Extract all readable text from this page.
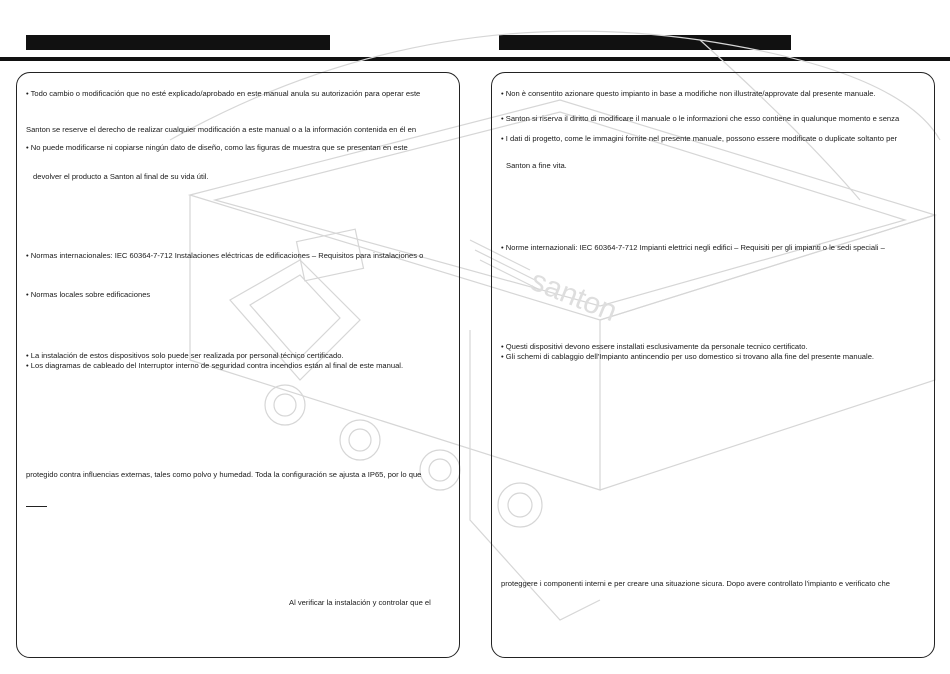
santon
• Todo cambio o modificación que no esté explicado/aprobado en este manual anula su autorización para operar este
Santon se reserve el derecho de realizar cualquier modificación a este manual o a la información contenida en él en
• No puede modificarse ni copiarse ningún dato de diseño, como las figuras de muestra que se presentan en este
devolver el producto a Santon al final de su vida útil.
• Normas internacionales: IEC 60364-7-712 Instalaciones eléctricas de edificaciones – Requisitos para instalaciones o
• Normas locales sobre edificaciones
• La instalación de estos dispositivos solo puede ser realizada por personal técnico certificado.
• Los diagramas de cableado del Interruptor interno de seguridad contra incendios están al final de este manual.
protegido contra influencias externas, tales como polvo y humedad. Toda la configuración se ajusta a IP65, por lo que
Al verificar la instalación y controlar que el
• Non è consentito azionare questo impianto in base a modifiche non illustrate/approvate dal presente manuale.
• Santon si riserva il diritto di modificare il manuale o le informazioni che esso contiene in qualunque momento e senza
• I dati di progetto, come le immagini fornite nel presente manuale, possono essere modificate o duplicate soltanto per
Santon a fine vita.
• Norme internazionali: IEC 60364-7-712 Impianti elettrici negli edifici – Requisiti per gli impianti o le sedi speciali –
• Questi dispositivi devono essere installati esclusivamente da personale tecnico certificato.
• Gli schemi di cablaggio dell'Impianto antincendio per uso domestico si trovano alla fine del presente manuale.
proteggere i componenti interni e per creare una situazione sicura. Dopo avere controllato l'impianto e verificato che
